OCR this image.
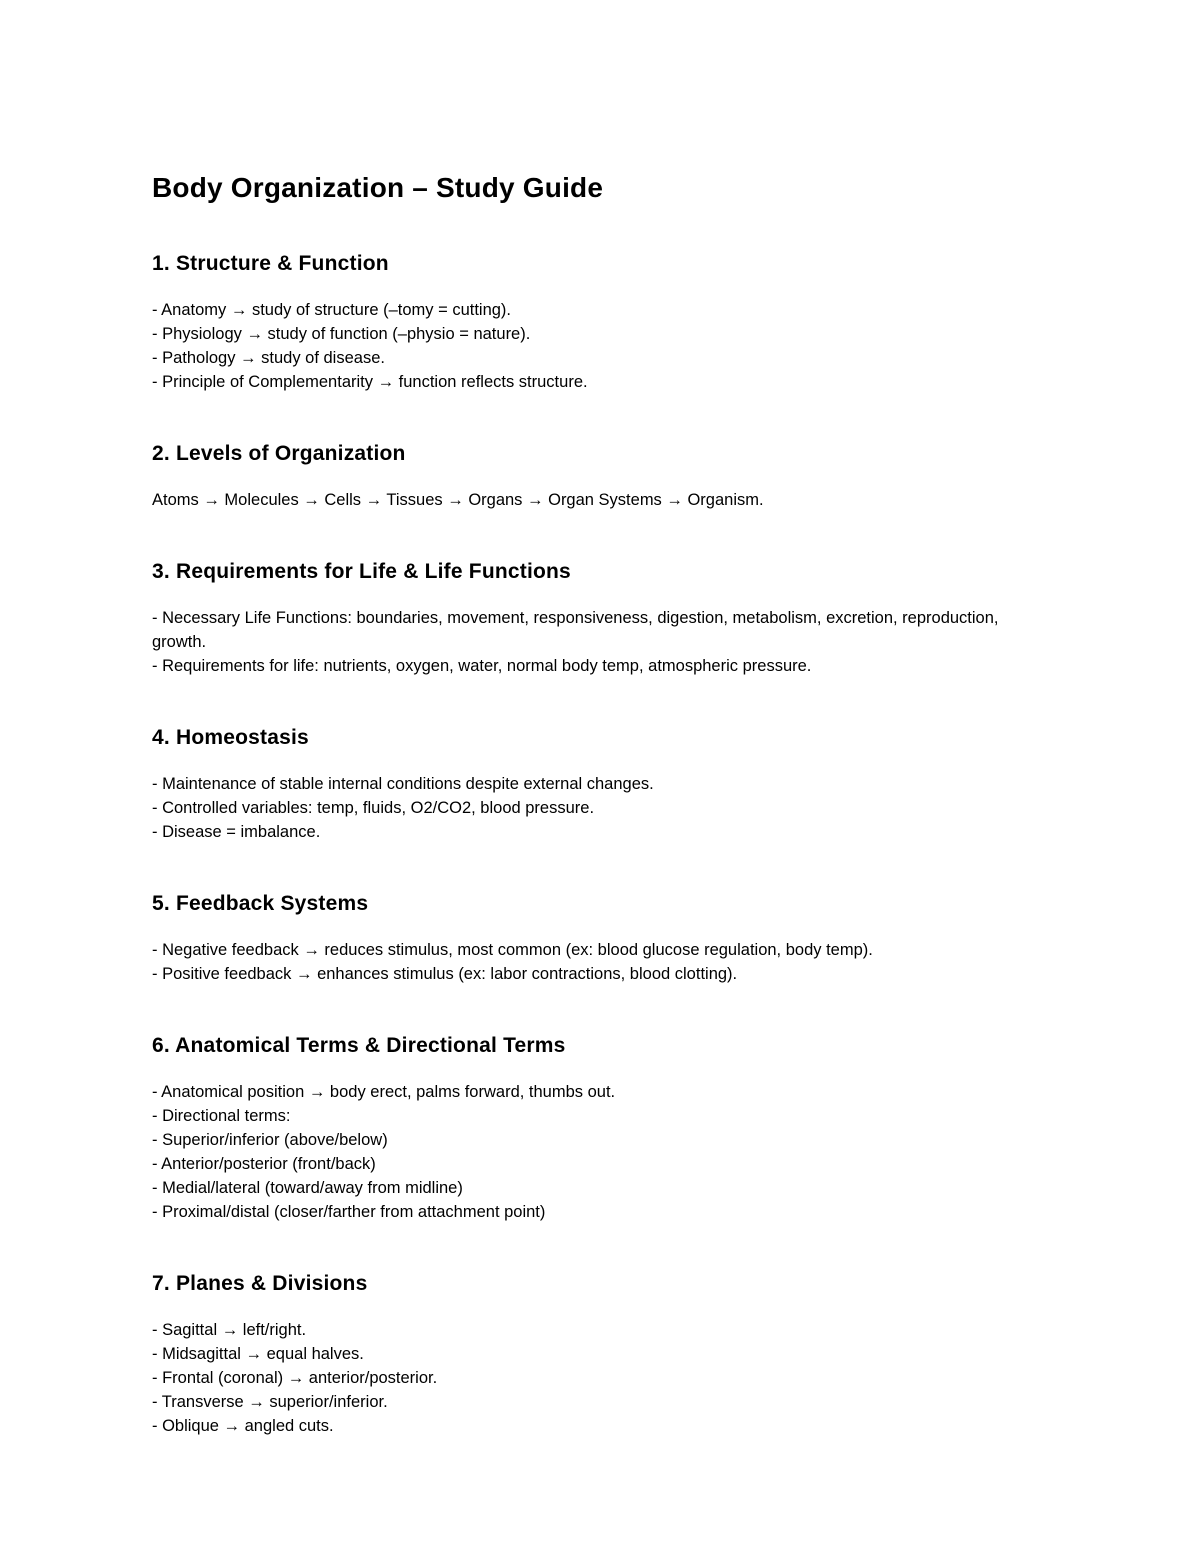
Body Organization – Study Guide
1. Structure & Function
- Anatomy → study of structure (–tomy = cutting).
- Physiology → study of function (–physio = nature).
- Pathology → study of disease.
- Principle of Complementarity → function reflects structure.
2. Levels of Organization
Atoms → Molecules → Cells → Tissues → Organs → Organ Systems → Organism.
3. Requirements for Life & Life Functions
- Necessary Life Functions: boundaries, movement, responsiveness, digestion, metabolism, excretion, reproduction, growth.
- Requirements for life: nutrients, oxygen, water, normal body temp, atmospheric pressure.
4. Homeostasis
- Maintenance of stable internal conditions despite external changes.
- Controlled variables: temp, fluids, O2/CO2, blood pressure.
- Disease = imbalance.
5. Feedback Systems
- Negative feedback → reduces stimulus, most common (ex: blood glucose regulation, body temp).
- Positive feedback → enhances stimulus (ex: labor contractions, blood clotting).
6. Anatomical Terms & Directional Terms
- Anatomical position → body erect, palms forward, thumbs out.
- Directional terms:
- Superior/inferior (above/below)
- Anterior/posterior (front/back)
- Medial/lateral (toward/away from midline)
- Proximal/distal (closer/farther from attachment point)
7. Planes & Divisions
- Sagittal → left/right.
- Midsagittal → equal halves.
- Frontal (coronal) → anterior/posterior.
- Transverse → superior/inferior.
- Oblique → angled cuts.
